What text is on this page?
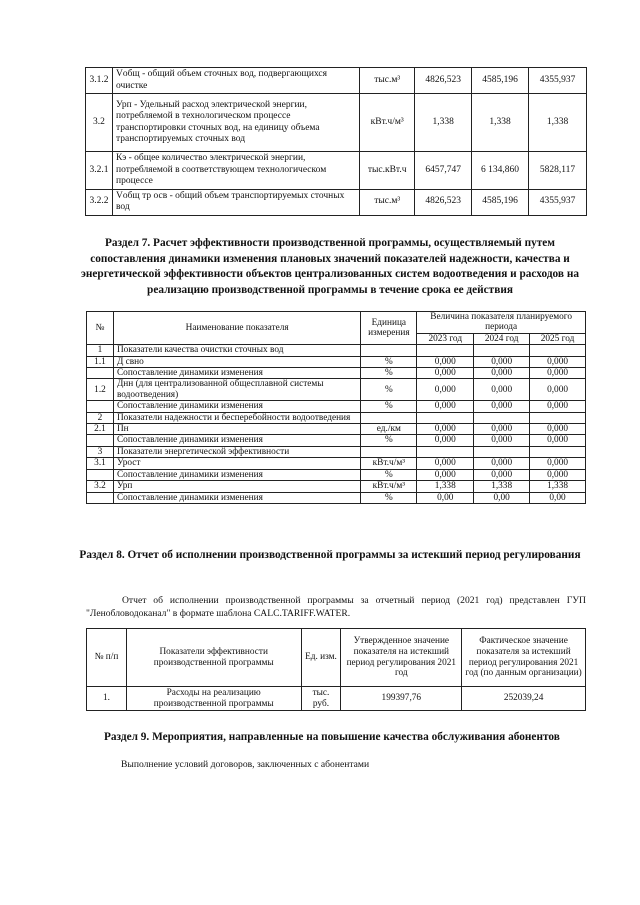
3.1.2	Vобщ - общий объем сточных вод, подвергающихся очистке	тыс.м³	4826,523	4585,196	4355,937
3.2	Урп - Удельный расход электрической энергии, потребляемой в технологическом процессе транспортировки сточных вод, на единицу объема транспортируемых сточных вод	кВт.ч/м³	1,338	1,338	1,338
3.2.1	Кэ - общее количество электрической энергии, потребляемой в соответствующем технологическом процессе	тыс.кВт.ч	6457,747	6 134,860	5828,117
3.2.2	Vобщ тр осв - общий объем транспортируемых сточных вод	тыс.м³	4826,523	4585,196	4355,937
Раздел 7. Расчет эффективности производственной программы, осуществляемый путем сопоставления динамики изменения плановых значений показателей надежности, качества и энергетической эффективности объектов централизованных систем водоотведения и расходов на реализацию производственной программы в течение срока ее действия
№	Наименование показателя	Единица измерения	Величина показателя планируемого периода		
			2023 год	2024 год	2025 год
1	Показатели качества очистки сточных вод				
1.1	Д свно	%	0,000	0,000	0,000
	Сопоставление динамики изменения	%	0,000	0,000	0,000
1.2	Днн (для централизованной общесплавной системы водоотведения)	%	0,000	0,000	0,000
	Сопоставление динамики изменения	%	0,000	0,000	0,000
2	Показатели надежности и бесперебойности водоотведения				
2.1	Пн	ед./км	0,000	0,000	0,000
	Сопоставление динамики изменения	%	0,000	0,000	0,000
3	Показатели энергетической эффективности				
3.1	Урост	кВт.ч/м³	0,000	0,000	0,000
	Сопоставление динамики изменения	%	0,000	0,000	0,000
3.2	Урп	кВт.ч/м³	1,338	1,338	1,338
	Сопоставление динамики изменения	%	0,00	0,00	0,00
Раздел 8. Отчет об исполнении производственной программы за истекший период регулирования
Отчет об исполнении производственной программы за отчетный период (2021 год) представлен ГУП
"Ленобловодоканал" в формате шаблона CALC.TARIFF.WATER.
№ п/п	Показатели эффективности производственной программы	Ед. изм.	Утвержденное значение показателя на истекший период регулирования 2021 год	Фактическое значение показателя за истекший период регулирования 2021 год (по данным организации)
1.	Расходы на реализацию производственной программы	тыс. руб.	199397,76	252039,24
Раздел 9. Мероприятия, направленные на повышение качества обслуживания абонентов
Выполнение условий договоров, заключенных с абонентами
